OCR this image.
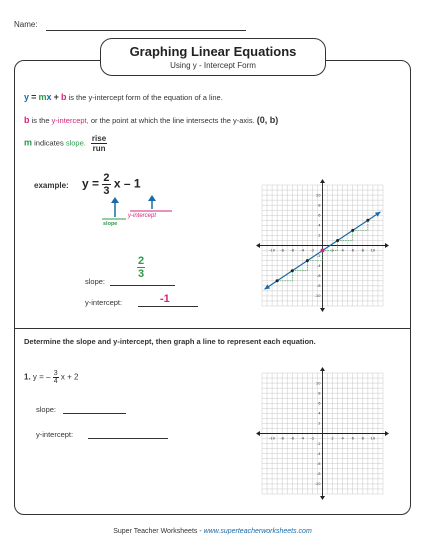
Name:
Graphing Linear Equations
Using y - Intercept Form
y = mx + b is the y-intercept form of the equation of a line.
b is the y-intercept, or the point at which the line intersects the y-axis. (0, b)
m indicates slope. $\frac{\text{rise}}{\text{run}}$
example: $y = \frac{2}{3}$ x – 1
slope
y-intercept
slope:
$\frac{2}{3}$
y-intercept:	-1
-10 -8 -6 -4 -2	2 4 6 8 10
10
8
6
4
2
-2
-4
-6
-8
-10
Determine the slope and y-intercept, then graph a line to represent each equation.
1. y = – $\frac{3}{4}$ x + 2
slope:
y-intercept:	-10 -8 -6 -4 -2	2 4 6 8 10
10
8
6
4
2
-2
-4
-6
-8
-10
Super Teacher Worksheets - www.superteacherworksheets.com
